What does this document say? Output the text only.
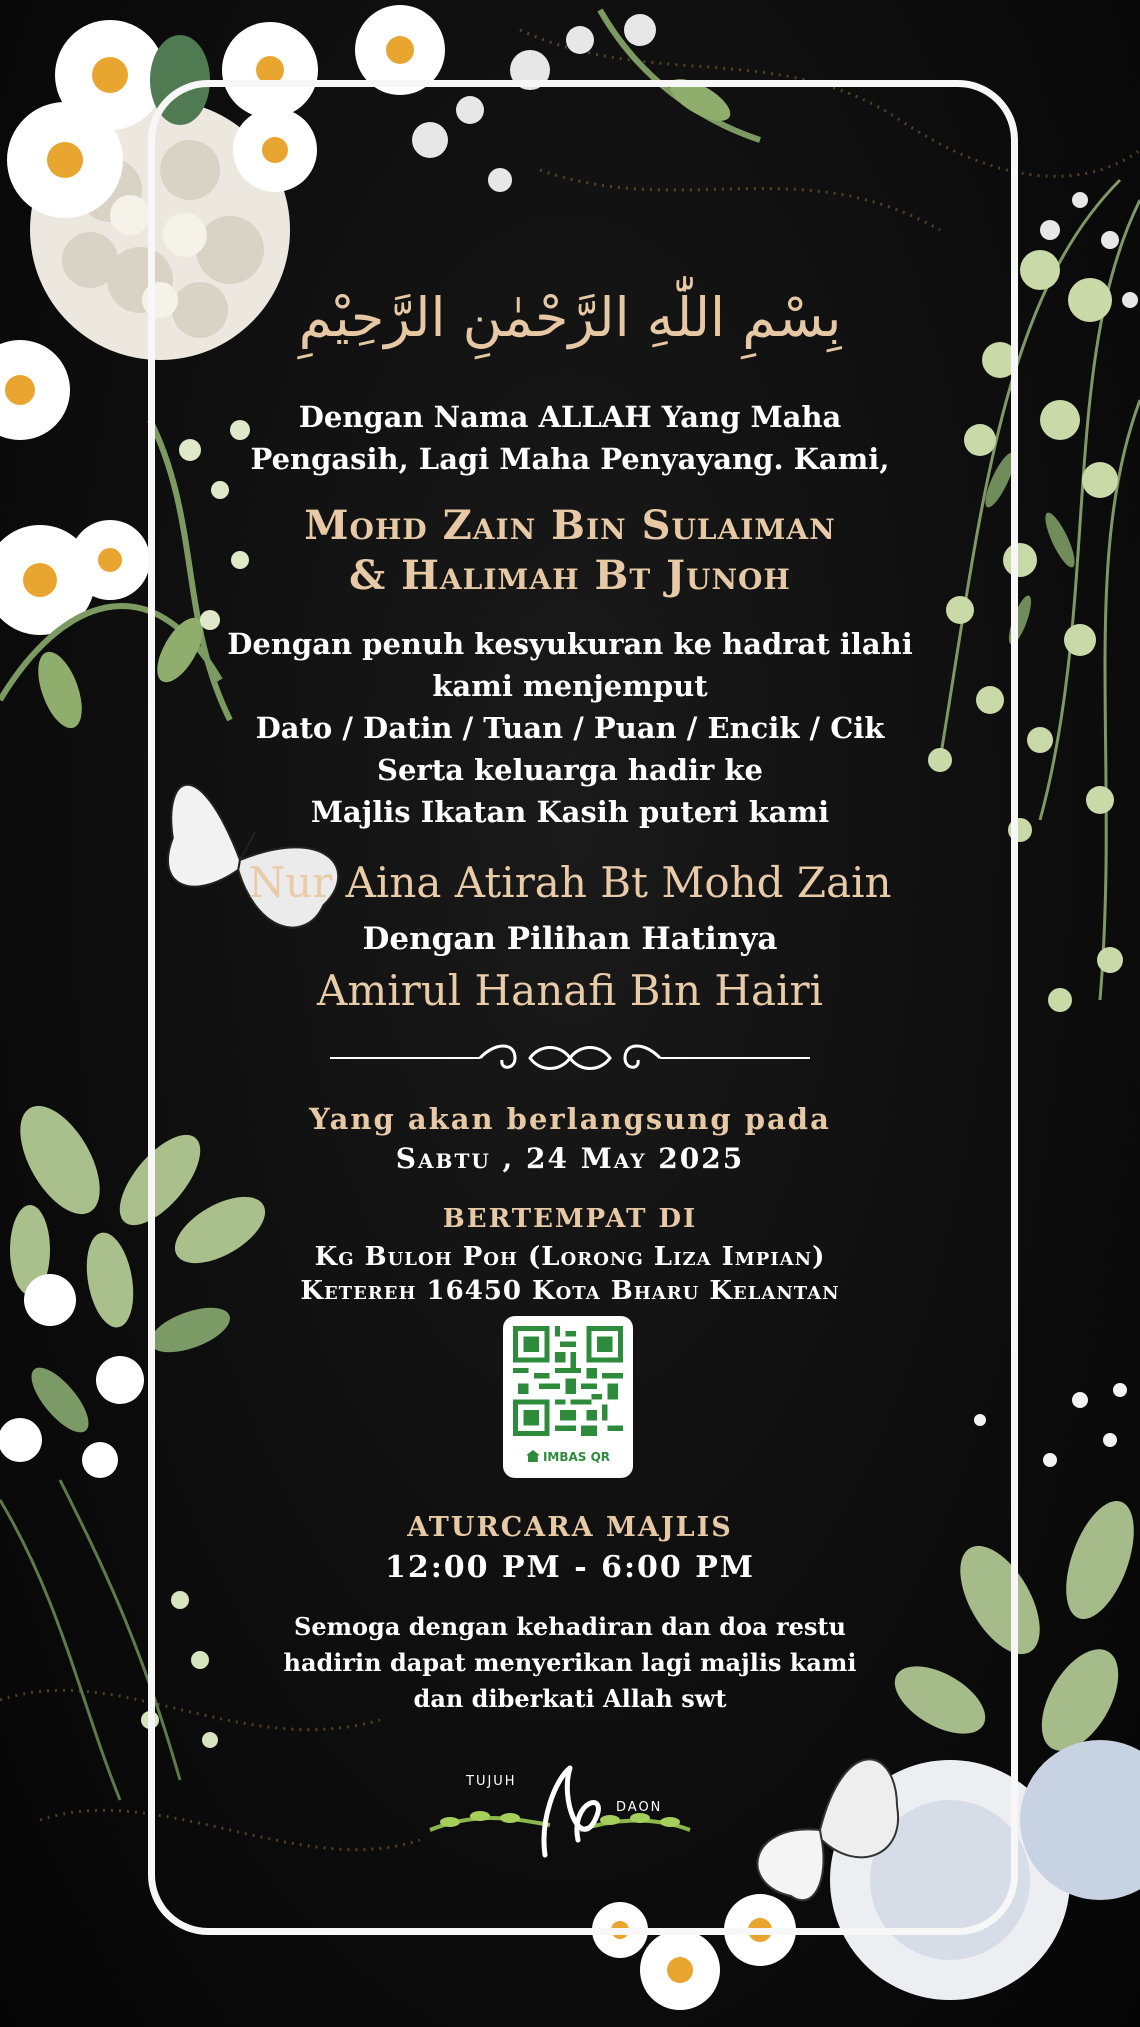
بِسْمِ اللّٰهِ الرَّحْمٰنِ الرَّحِيْمِ
Dengan Nama ALLAH Yang Maha
Pengasih, Lagi Maha Penyayang. Kami,
Mohd Zain Bin Sulaiman
& Halimah Bt Junoh
Dengan penuh kesyukuran ke hadrat ilahi
kami menjemput
Dato / Datin / Tuan / Puan / Encik / Cik
Serta keluarga hadir ke
Majlis Ikatan Kasih puteri kami
Nur Aina Atirah Bt Mohd Zain
Dengan Pilihan Hatinya
Amirul Hanafi Bin Hairi
Yang akan berlangsung pada
Sabtu , 24 May 2025
BERTEMPAT DI
Kg Buloh Poh (Lorong Liza Impian)
Ketereh 16450 Kota Bharu Kelantan
IMBAS QR
ATURCARA MAJLIS
12:00 PM - 6:00 PM
Semoga dengan kehadiran dan doa restu
hadirin dapat menyerikan lagi majlis kami
dan diberkati Allah swt
TUJUH
DAON
